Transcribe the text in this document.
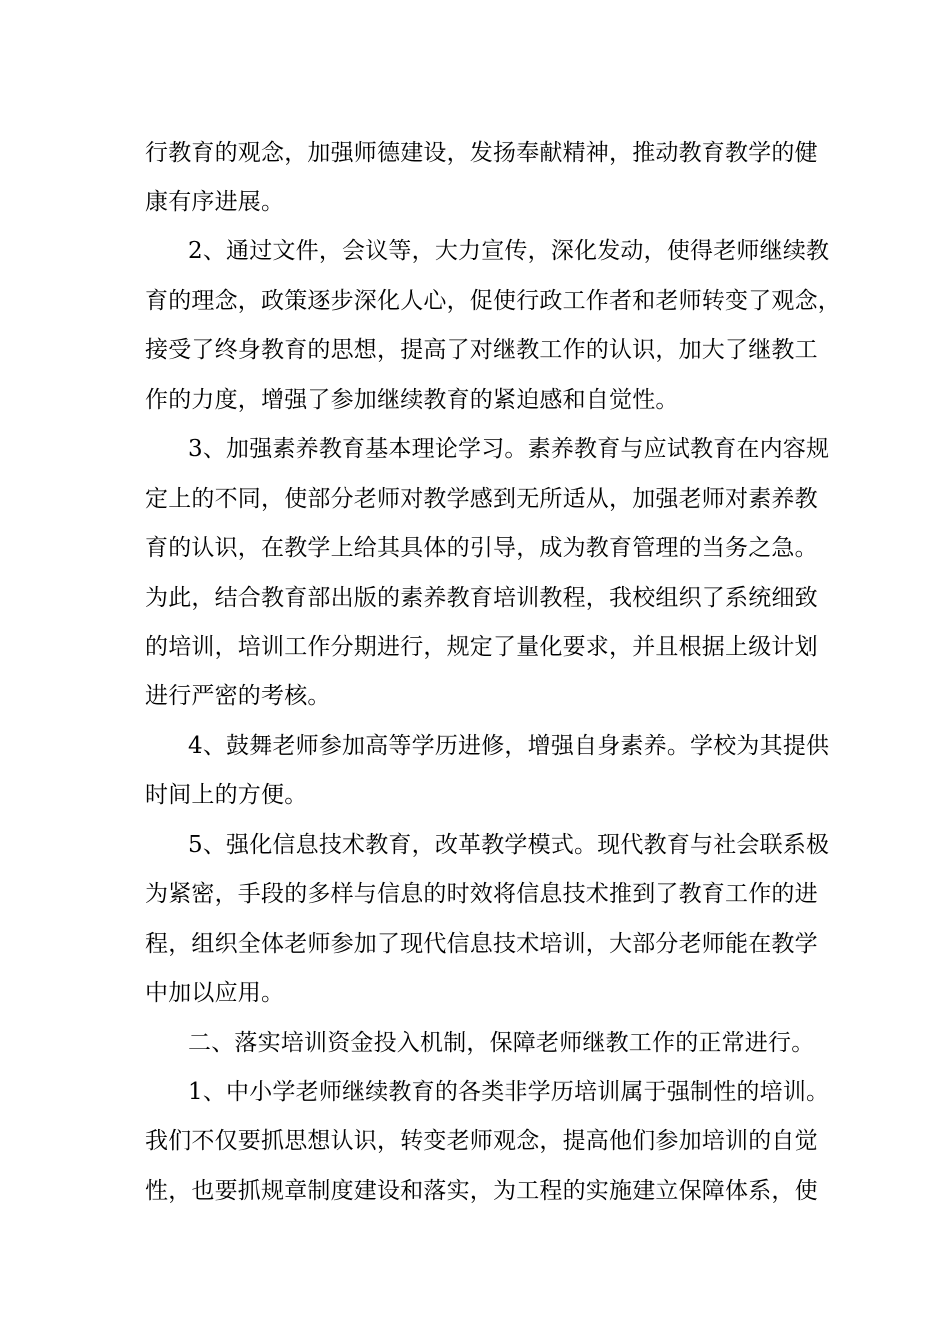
行教育的观念，加强师德建设，发扬奉献精神，推动教育教学的健
康有序进展。
2、通过文件，会议等，大力宣传，深化发动，使得老师继续教
育的理念，政策逐步深化人心，促使行政工作者和老师转变了观念，
接受了终身教育的思想，提高了对继教工作的认识，加大了继教工
作的力度，增强了参加继续教育的紧迫感和自觉性。
3、加强素养教育基本理论学习。素养教育与应试教育在内容规
定上的不同，使部分老师对教学感到无所适从，加强老师对素养教
育的认识，在教学上给其具体的引导，成为教育管理的当务之急。
为此，结合教育部出版的素养教育培训教程，我校组织了系统细致
的培训，培训工作分期进行，规定了量化要求，并且根据上级计划
进行严密的考核。
4、鼓舞老师参加高等学历进修，增强自身素养。学校为其提供
时间上的方便。
5、强化信息技术教育，改革教学模式。现代教育与社会联系极
为紧密，手段的多样与信息的时效将信息技术推到了教育工作的进
程，组织全体老师参加了现代信息技术培训，大部分老师能在教学
中加以应用。
二、落实培训资金投入机制，保障老师继教工作的正常进行。
1、中小学老师继续教育的各类非学历培训属于强制性的培训。
我们不仅要抓思想认识，转变老师观念，提高他们参加培训的自觉
性，也要抓规章制度建设和落实，为工程的实施建立保障体系，使
